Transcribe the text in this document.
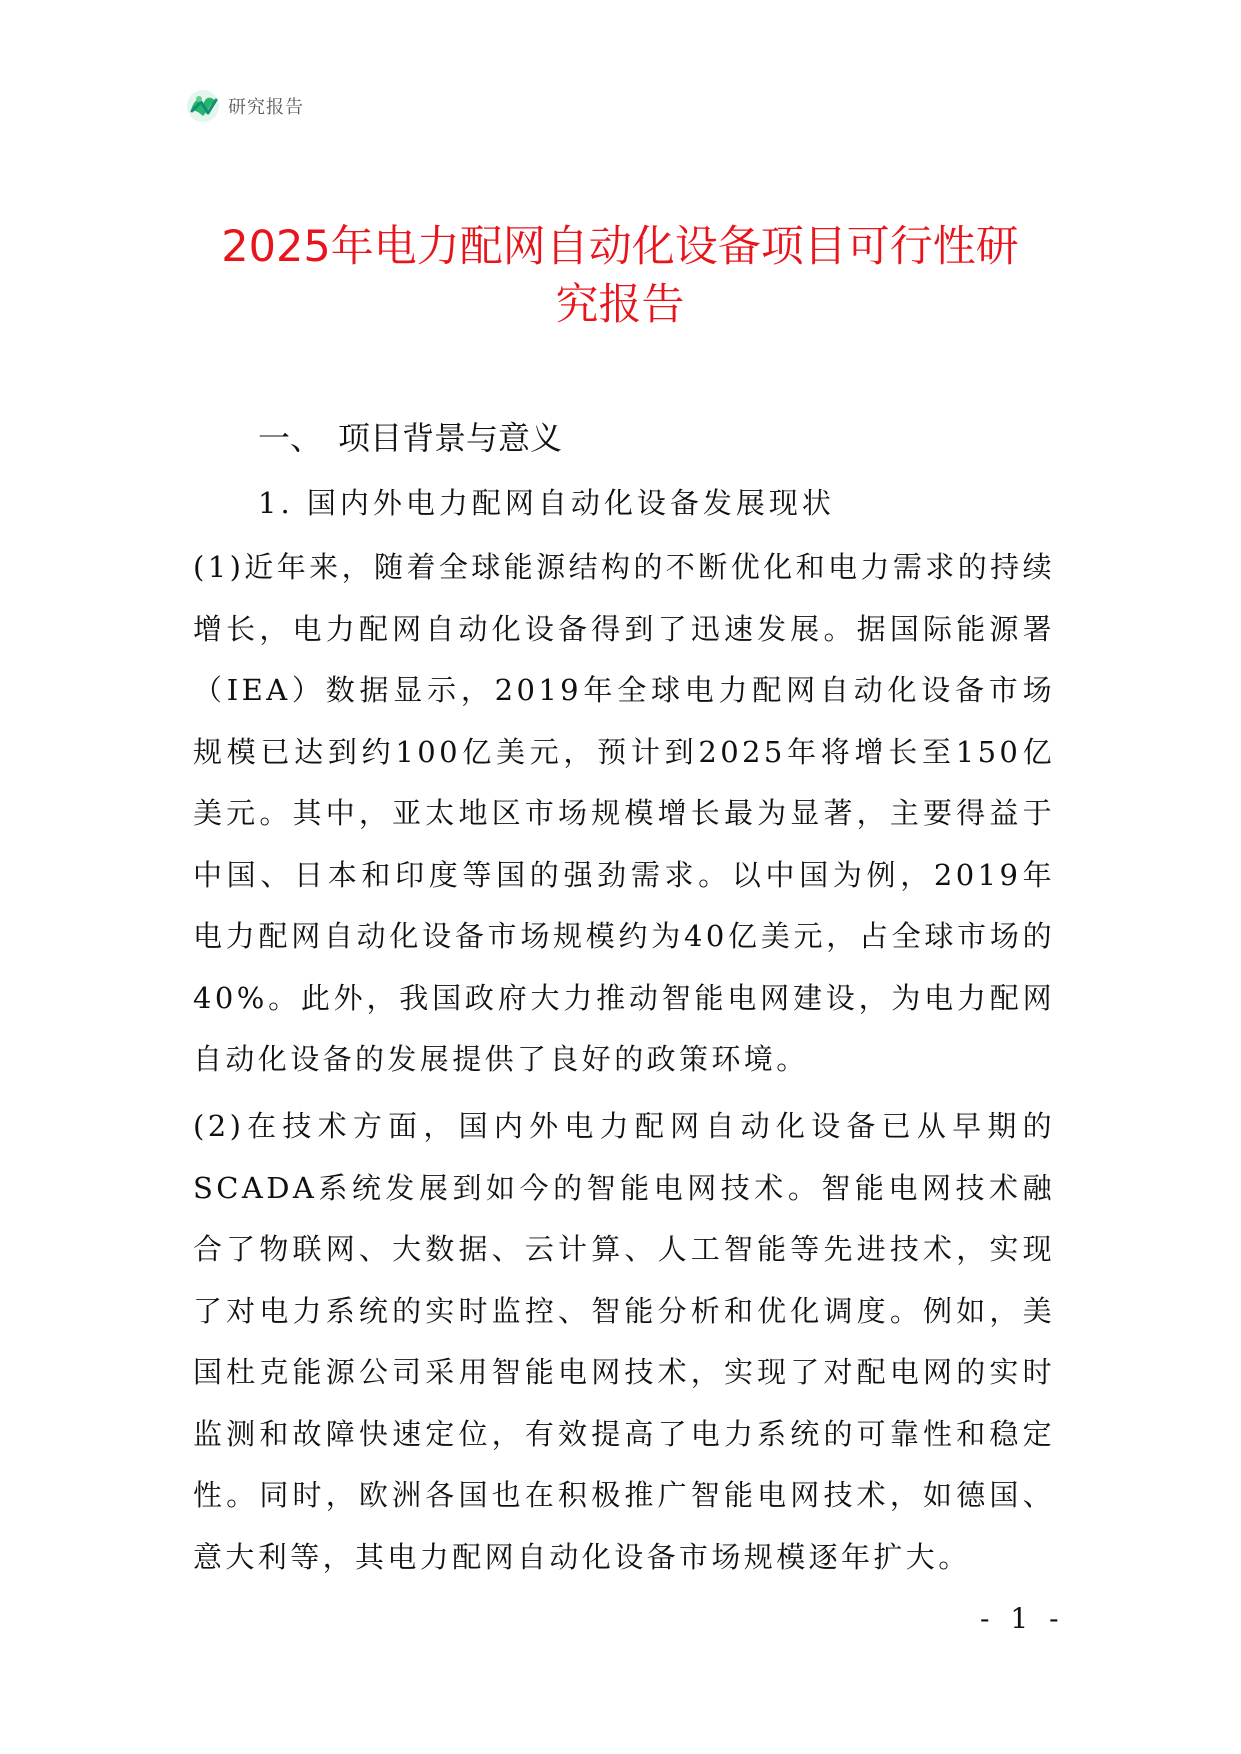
研究报告
2025年电力配网自动化设备项目可行性研
究报告
一、 项目背景与意义
1. 国内外电力配网自动化设备发展现状

(1)近年来，随着全球能源结构的不断优化和电力需求的持续增长，电力配网自动化设备得到了迅速发展。据国际能源署（IEA）数据显示，2019年全球电力配网自动化设备市场规模已达到约100亿美元，预计到2025年将增长至150亿美元。其中，亚太地区市场规模增长最为显著，主要得益于中国、日本和印度等国的强劲需求。以中国为例，2019年电力配网自动化设备市场规模约为40亿美元，占全球市场的40%。此外，我国政府大力推动智能电网建设，为电力配网自动化设备的发展提供了良好的政策环境。

(2)在技术方面，国内外电力配网自动化设备已从早期的SCADA系统发展到如今的智能电网技术。智能电网技术融合了物联网、大数据、云计算、人工智能等先进技术，实现了对电力系统的实时监控、智能分析和优化调度。例如，美国杜克能源公司采用智能电网技术，实现了对配电网的实时监测和故障快速定位，有效提高了电力系统的可靠性和稳定性。同时，欧洲各国也在积极推广智能电网技术，如德国、意大利等，其电力配网自动化设备市场规模逐年扩大。

- 1 -
